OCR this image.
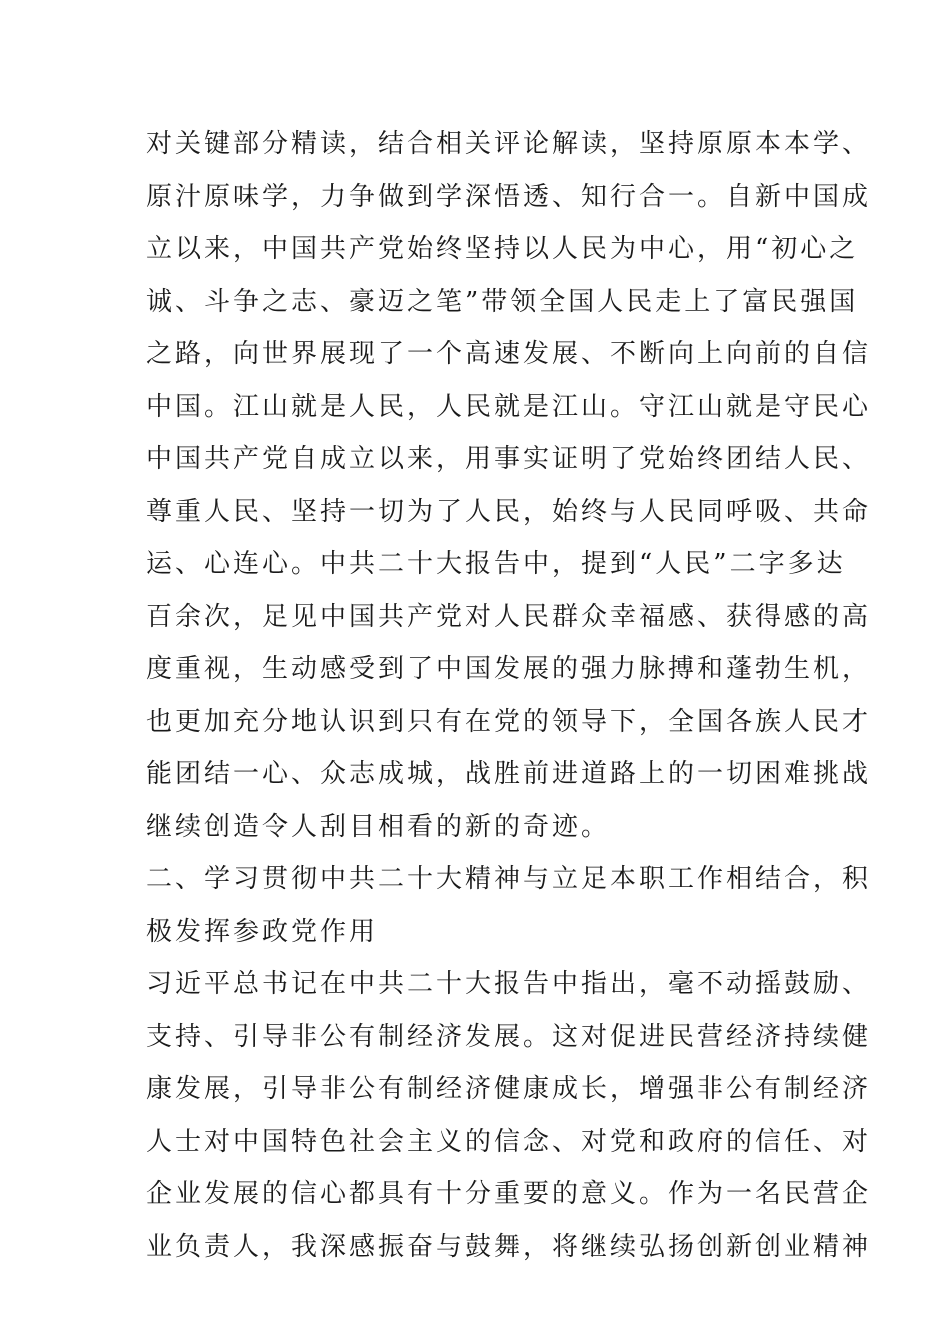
对关键部分精读，结合相关评论解读，坚持原原本本学、
原汁原味学，力争做到学深悟透、知行合一。自新中国成
立以来，中国共产党始终坚持以人民为中心，用“初心之
诚、斗争之志、豪迈之笔”带领全国人民走上了富民强国
之路，向世界展现了一个高速发展、不断向上向前的自信
中国。江山就是人民，人民就是江山。守江山就是守民心
中国共产党自成立以来，用事实证明了党始终团结人民、
尊重人民、坚持一切为了人民，始终与人民同呼吸、共命
运、心连心。中共二十大报告中，提到“人民”二字多达
百余次，足见中国共产党对人民群众幸福感、获得感的高
度重视，生动感受到了中国发展的强力脉搏和蓬勃生机，
也更加充分地认识到只有在党的领导下，全国各族人民才
能团结一心、众志成城，战胜前进道路上的一切困难挑战
继续创造令人刮目相看的新的奇迹。
二、学习贯彻中共二十大精神与立足本职工作相结合，积
极发挥参政党作用
习近平总书记在中共二十大报告中指出，毫不动摇鼓励、
支持、引导非公有制经济发展。这对促进民营经济持续健
康发展，引导非公有制经济健康成长，增强非公有制经济
人士对中国特色社会主义的信念、对党和政府的信任、对
企业发展的信心都具有十分重要的意义。作为一名民营企
业负责人，我深感振奋与鼓舞，将继续弘扬创新创业精神
